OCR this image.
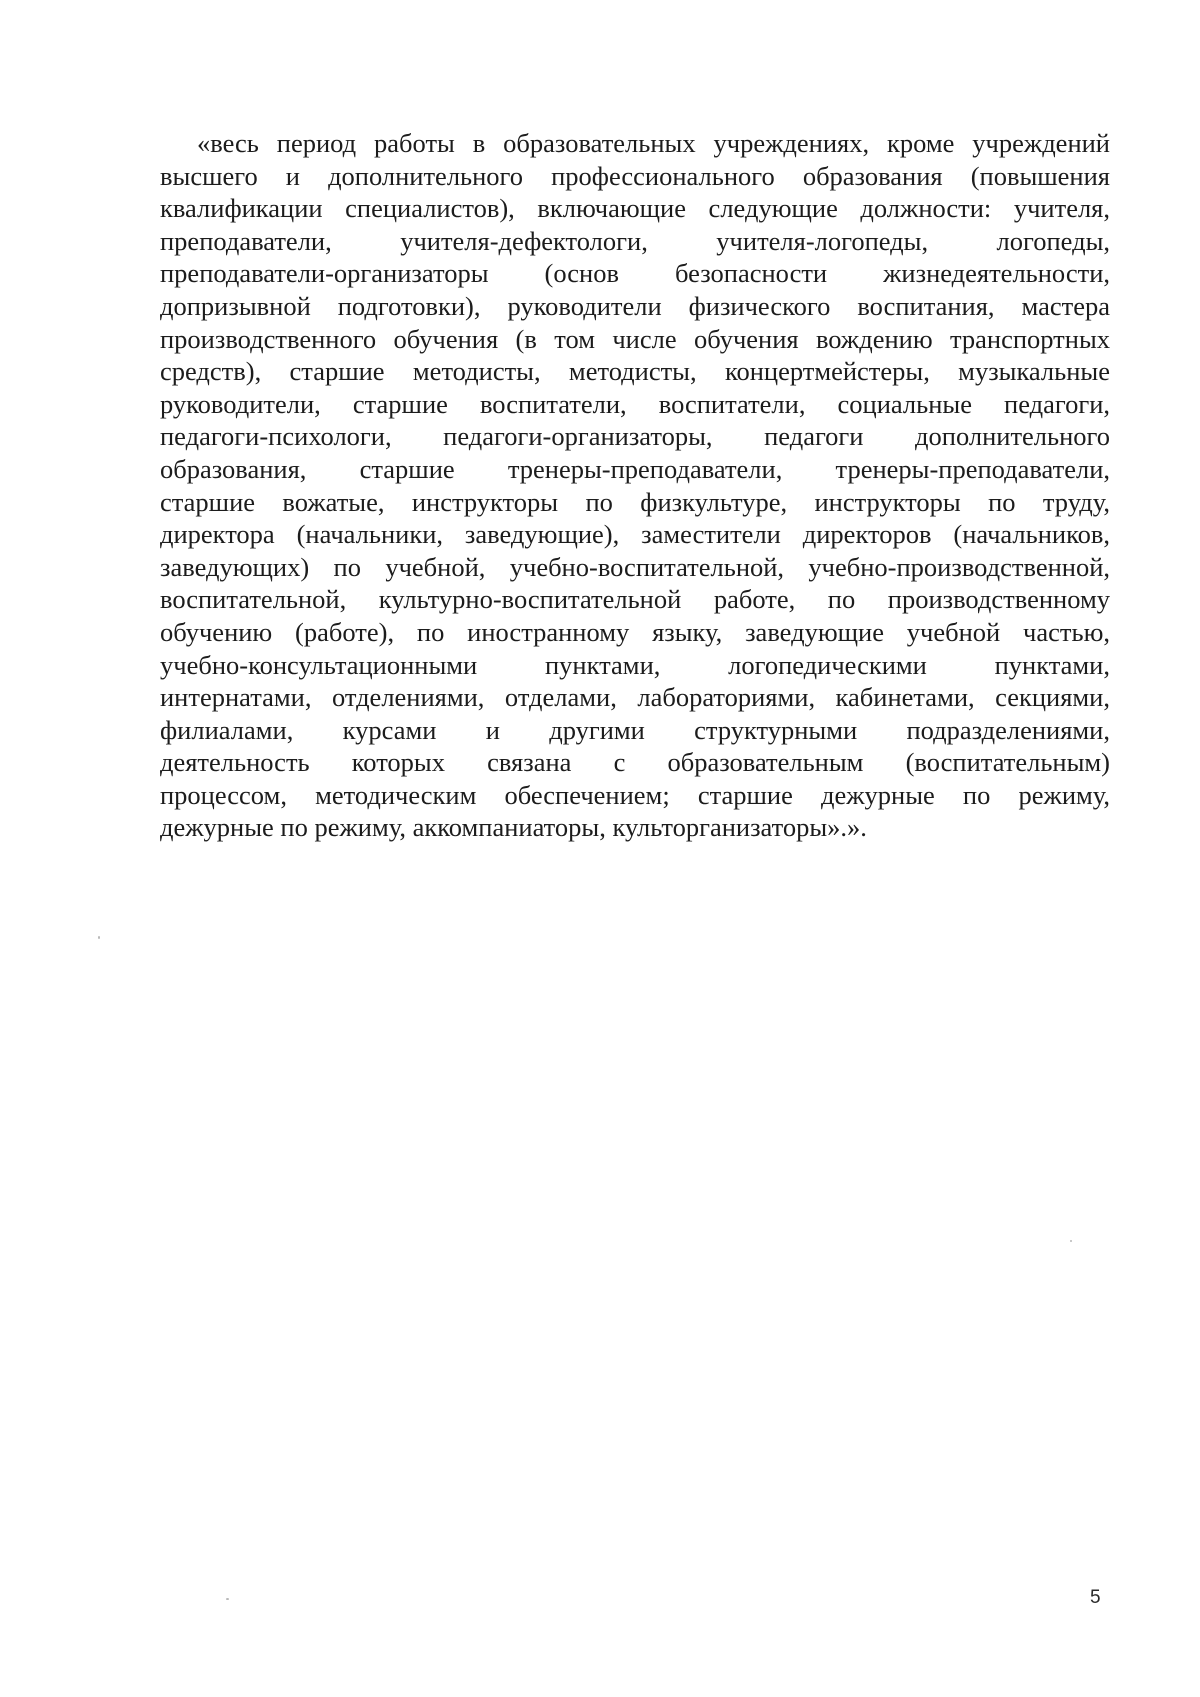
«весь период работы в образовательных учреждениях, кроме учреждений
высшего и дополнительного профессионального образования (повышения
квалификации специалистов), включающие следующие должности: учителя,
преподаватели, учителя-дефектологи, учителя-логопеды, логопеды,
преподаватели-организаторы (основ безопасности жизнедеятельности,
допризывной подготовки), руководители физического воспитания, мастера
производственного обучения (в том числе обучения вождению транспортных
средств), старшие методисты, методисты, концертмейстеры, музыкальные
руководители, старшие воспитатели, воспитатели, социальные педагоги,
педагоги-психологи, педагоги-организаторы, педагоги дополнительного
образования, старшие тренеры-преподаватели, тренеры-преподаватели,
старшие вожатые, инструкторы по физкультуре, инструкторы по труду,
директора (начальники, заведующие), заместители директоров (начальников,
заведующих) по учебной, учебно-воспитательной, учебно-производственной,
воспитательной, культурно-воспитательной работе, по производственному
обучению (работе), по иностранному языку, заведующие учебной частью,
учебно-консультационными пунктами, логопедическими пунктами,
интернатами, отделениями, отделами, лабораториями, кабинетами, секциями,
филиалами, курсами и другими структурными подразделениями,
деятельность которых связана с образовательным (воспитательным)
процессом, методическим обеспечением; старшие дежурные по режиму,
дежурные по режиму, аккомпаниаторы, культорганизаторы».».

5
